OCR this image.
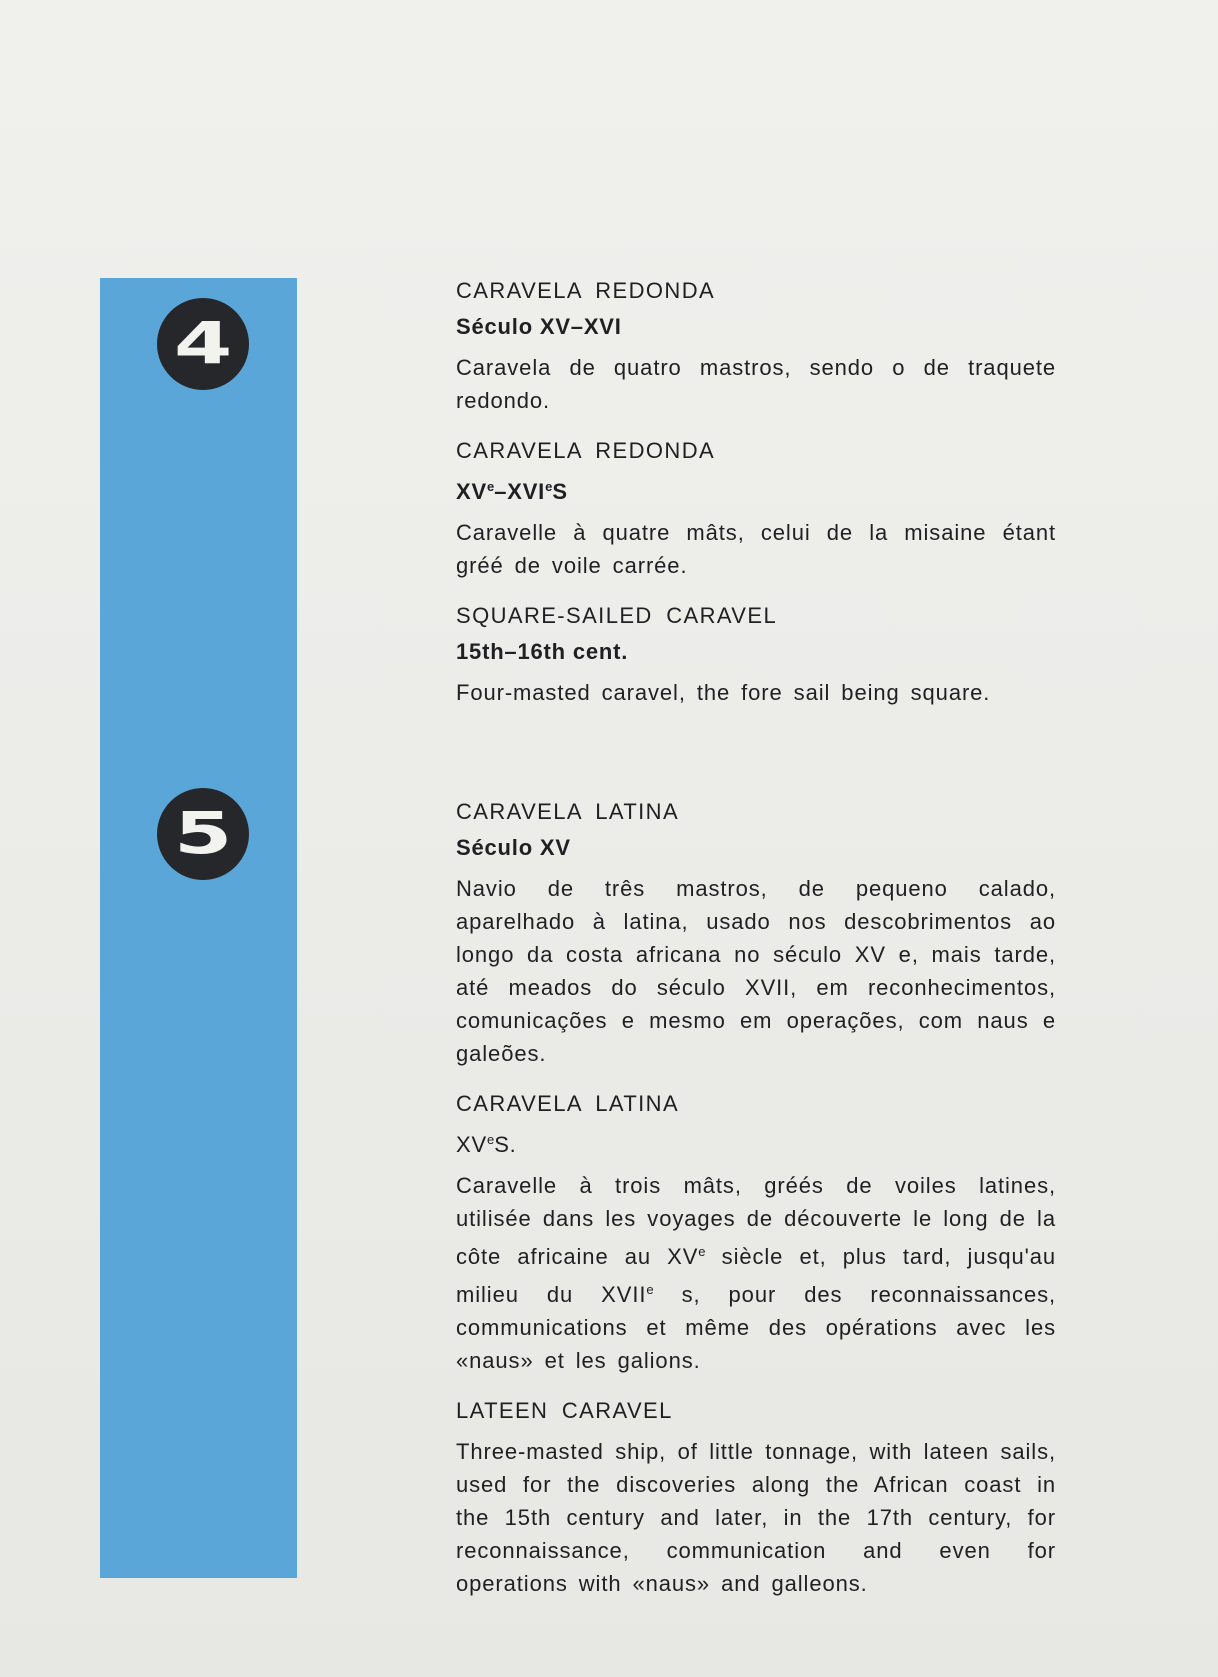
4
5

CARAVELA REDONDA

Século XV–XVI

Caravela de quatro mastros, sendo o de traquete redondo.

CARAVELA REDONDA

XVe–XVIeS

Caravelle à quatre mâts, celui de la misaine étant gréé de voile carrée.

SQUARE-SAILED CARAVEL

15th–16th cent.

Four-masted caravel, the fore sail being square.

CARAVELA LATINA

Século XV

Navio de três mastros, de pequeno calado, aparelhado à latina, usado nos descobrimentos ao longo da costa africana no século XV e, mais tarde, até meados do século XVII, em reconhecimentos, comunicações e mesmo em operações, com naus e galeões.

CARAVELA LATINA

XVeS.

Caravelle à trois mâts, gréés de voiles latines, utilisée dans les voyages de découverte le long de la côte africaine au XVe siècle et, plus tard, jusqu'au milieu du XVIIe s, pour des reconnaissances, communications et même des opérations avec les «naus» et les galions.

LATEEN CARAVEL

Three-masted ship, of little tonnage, with lateen sails, used for the discoveries along the African coast in the 15th century and later, in the 17th century, for reconnaissance, communication and even for operations with «naus» and galleons.
